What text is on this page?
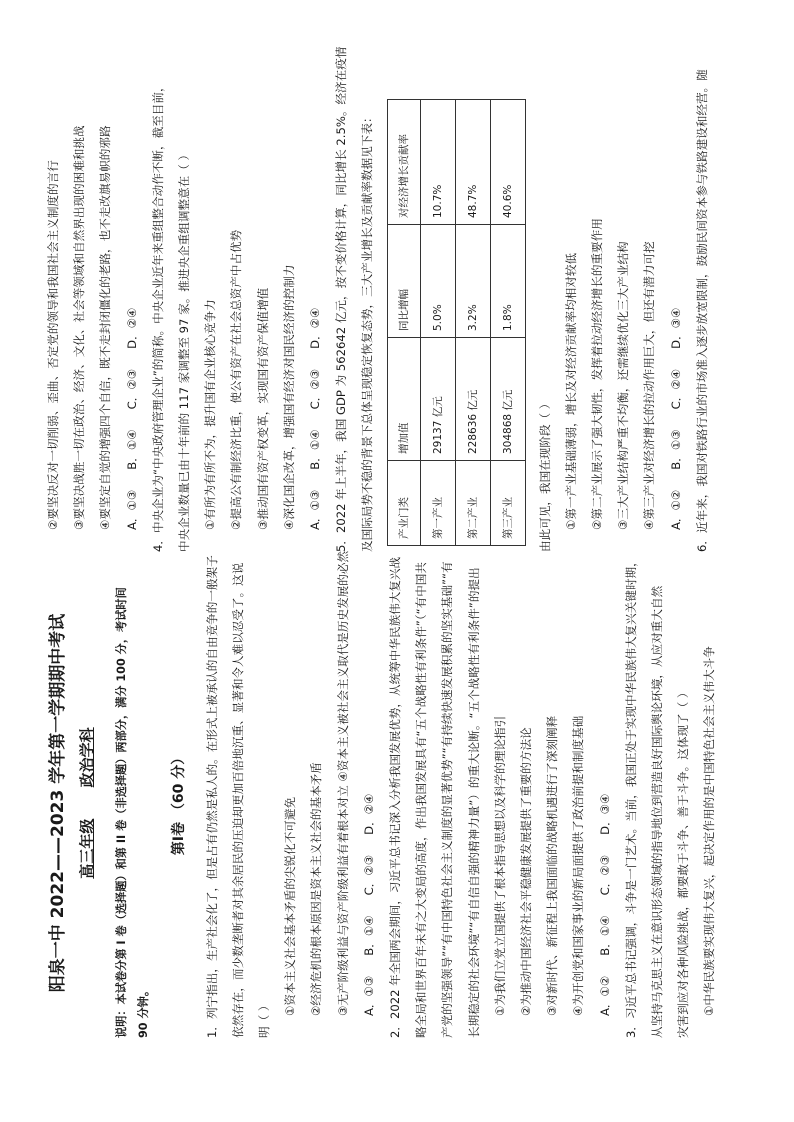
阳泉一中 2022——2023 学年第一学期期中考试 高三年级      政治学科	说明：本试卷分第 I 卷（选择题）和第 II 卷（非选择题）两部分，满分 100 分，考试时间 90 分钟。

第Ⅰ卷 （60 分）	1．列宁指出，生产社会化了，但是占有仍然是私人的。在形式上被承认的自由竞争的一般架子	依然存在，而少数垄断者对其余居民的压迫却更加百倍地沉重、显著和令人难以忍受了。这说	明（ ）

①资本主义社会基本矛盾的尖锐化不可避免	②经济危机的根本原因是资本主义社会的基本矛盾	③无产阶级利益与资产阶级利益有着根本对立 ④资本主义被社会主义取代是历史发展的必然	A．①③
B．①④
C．②③
D．②④	2．2022 年全国两会期间，习近平总书记深入分析我国发展优势，从统筹中华民族伟大复兴战	略全局和世界百年未有之大变局的高度，作出我国发展具有“五个战略性有利条件”（“有中国共	产党的坚强领导”“有中国特色社会主义制度的显著优势”“有持续快速发展积累的坚实基础”“有	长期稳定的社会环境”“有自信自强的精神力量”）的重大论断。“五个战略性有利条件”的提出	①为我们立党立国提供了根本指导思想以及科学的理论指引	②为推动中国经济社会平稳健康发展提供了重要的方法论	③对新时代、新征程上我国面临的战略机遇进行了深刻阐释	④为开创党和国家事业的新局面提供了政治前提和制度基础	A．①②
B．①④
C．②③
D．③④	3．习近平总书记强调，斗争是一门艺术。当前，我国正处于实现中华民族伟大复兴关键时期，	从坚持马克思主义在意识形态领域的指导地位到营造良好国际舆论环境，从应对重大自然	灾害到应对各种风险挑战，都要敢于斗争、善于斗争。这体现了（ ）	①中华民族要实现伟大复兴，起决定作用的是中国特色社会主义伟大斗争

②要坚决反对一切削弱、歪曲、否定党的领导和我国社会主义制度的言行	③要坚决战胜一切在政治、经济、文化、社会等领域和自然界出现的困难和挑战	④要坚定自觉的增强四个自信，既不走封闭僵化的老路，也不走改旗易帜的邪路	A．①③
B．①④
C．②③
D．②④	4．中央企业为“中央政府管理企业”的简称。中央企业近年来重组整合动作不断，截至目前，	中央企业数量已由十年前的 117 家调整至 97 家。推进央企重组调整意在（ ）	①有所为有所不为，提升国有企业核心竞争力	②提高公有制经济比重，使公有资产在社会总资产中占优势	③推动国有资产权变革，实现国有资产保值增值	④深化国企改革，增强国有经济对国民经济的控制力	A．①③
B．①④
C．②③
D．②④	5．2022 年上半年，我国 GDP 为 562642 亿元，按不变价格计算，同比增长 2.5%。经济在疫情	及国际局势不稳的背景下总体呈现稳定恢复态势，三大产业增长及贡献率数据见下表：	产业门类	增加值	同比增幅	对经济增长贡献率
第一产业	29137 亿元	5.0%	10.7%
第二产业	228636 亿元	3.2%	48.7%
第三产业	304868 亿元	1.8%	40.6%

由此可见，我国在现阶段（ ）	①第一产业基础薄弱，增长及对经济贡献率均相对较低	②第二产业展示了强大韧性，发挥着拉动经济增长的重要作用	③三大产业结构严重不均衡，还需继续优化三大产业结构	④第三产业对经济增长的拉动作用巨大，但还有潜力可挖	A．①②
B．①③
C．②④
D．③④	6．近年来，我国对铁路行业的市场准入逐步放宽限制，鼓励民间资本参与铁路建设和经营。随
